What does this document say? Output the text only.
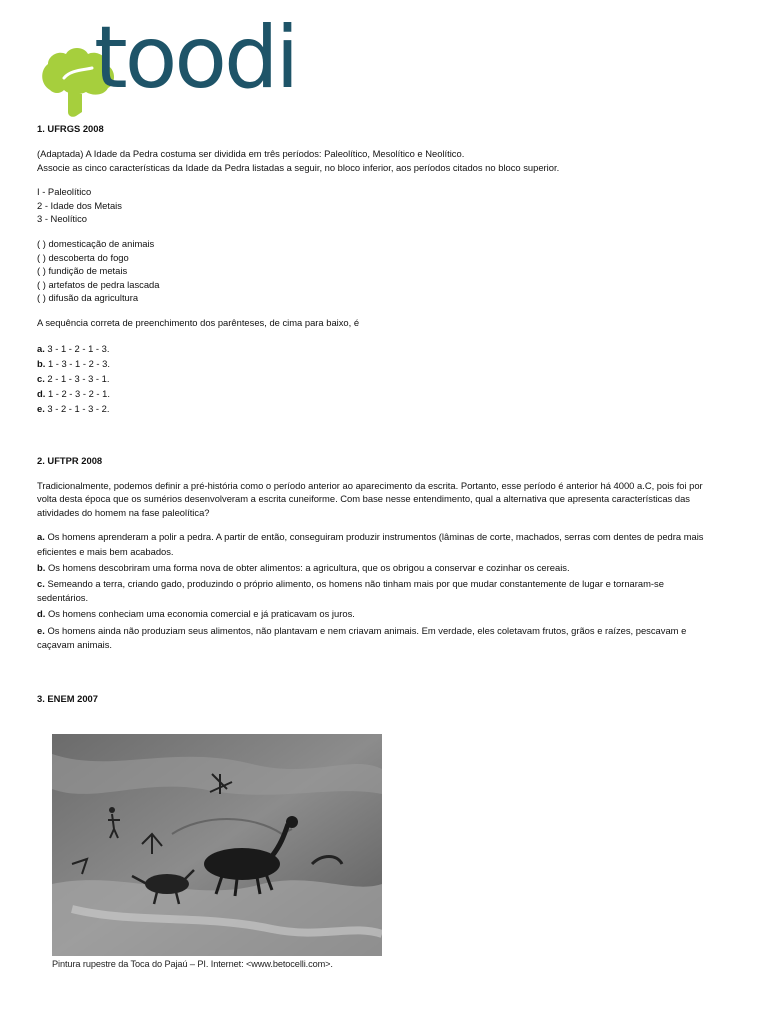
toodi

1. UFRGS 2008

(Adaptada) A Idade da Pedra costuma ser dividida em três períodos: Paleolítico, Mesolítico e Neolítico.

Associe as cinco características da Idade da Pedra listadas a seguir, no bloco inferior, aos períodos citados no bloco superior.

I - Paleolítico

2 - Idade dos Metais

3 - Neolítico

( ) domesticação de animais

( ) descoberta do fogo

( ) fundição de metais

( ) artefatos de pedra lascada

( ) difusão da agricultura

A sequência correta de preenchimento dos parênteses, de cima para baixo, é

a. 3 - 1 - 2 - 1 - 3.

b. 1 - 3 - 1 - 2 - 3.

c. 2 - 1 - 3 - 3 - 1.

d. 1 - 2 - 3 - 2 - 1.

e. 3 - 2 - 1 - 3 - 2.

2. UFTPR 2008

Tradicionalmente, podemos definir a pré-história como o período anterior ao aparecimento da escrita. Portanto, esse período é anterior há 4000 a.C, pois foi por

volta desta época que os sumérios desenvolveram a escrita cuneiforme. Com base nesse entendimento, qual a alternativa que apresenta características das

atividades do homem na fase paleolítica?

a. Os homens aprenderam a polir a pedra. A partir de então, conseguiram produzir instrumentos (lâminas de corte, machados, serras com dentes de pedra mais
eficientes e mais bem acabados.

b. Os homens descobriram uma forma nova de obter alimentos: a agricultura, que os obrigou a conservar e cozinhar os cereais.

c. Semeando a terra, criando gado, produzindo o próprio alimento, os homens não tinham mais por que mudar constantemente de lugar e tornaram-se
sedentários.

d. Os homens conheciam uma economia comercial e já praticavam os juros.

e. Os homens ainda não produziam seus alimentos, não plantavam e nem criavam animais. Em verdade, eles coletavam frutos, grãos e raízes, pescavam e
caçavam animais.

3. ENEM 2007

Pintura rupestre da Toca do Pajaú – PI. Internet: <www.betocelli.com>.
